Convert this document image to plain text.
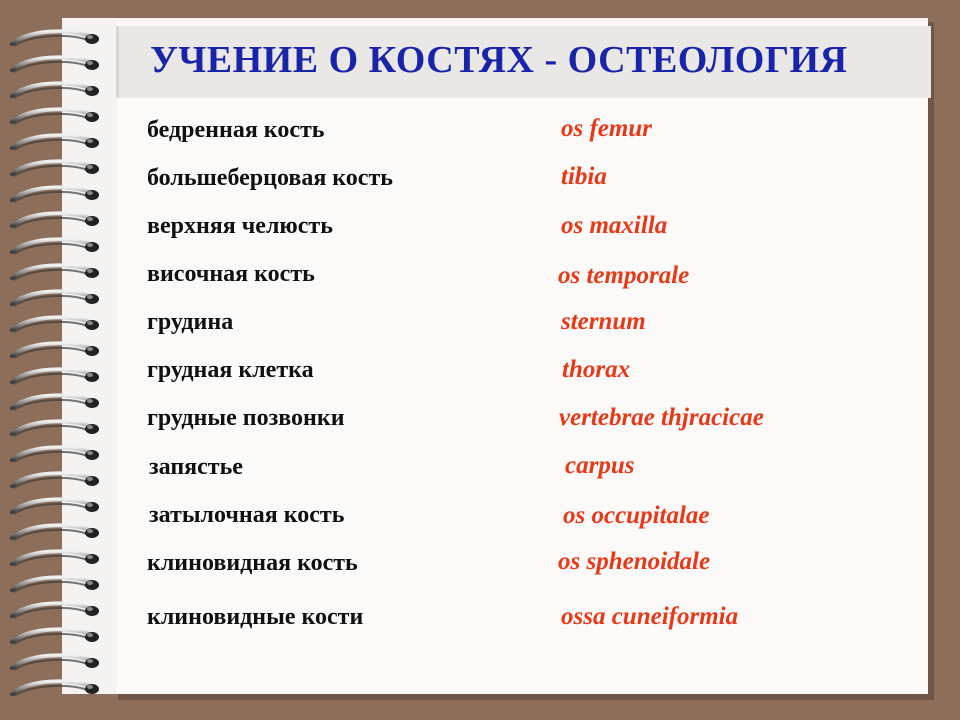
УЧЕНИЕ О КОСТЯХ - ОСТЕОЛОГИЯ
бедренная кость	os femur
большеберцовая кость	tibia
верхняя челюсть	os maxilla
височная кость	os temporale
грудина	sternum
грудная клетка	thorax
грудные позвонки	vertebrae thjracicae
запястье	carpus
затылочная кость	os occupitalae
клиновидная кость	os sphenoidale
клиновидные кости	ossa cuneiformia
